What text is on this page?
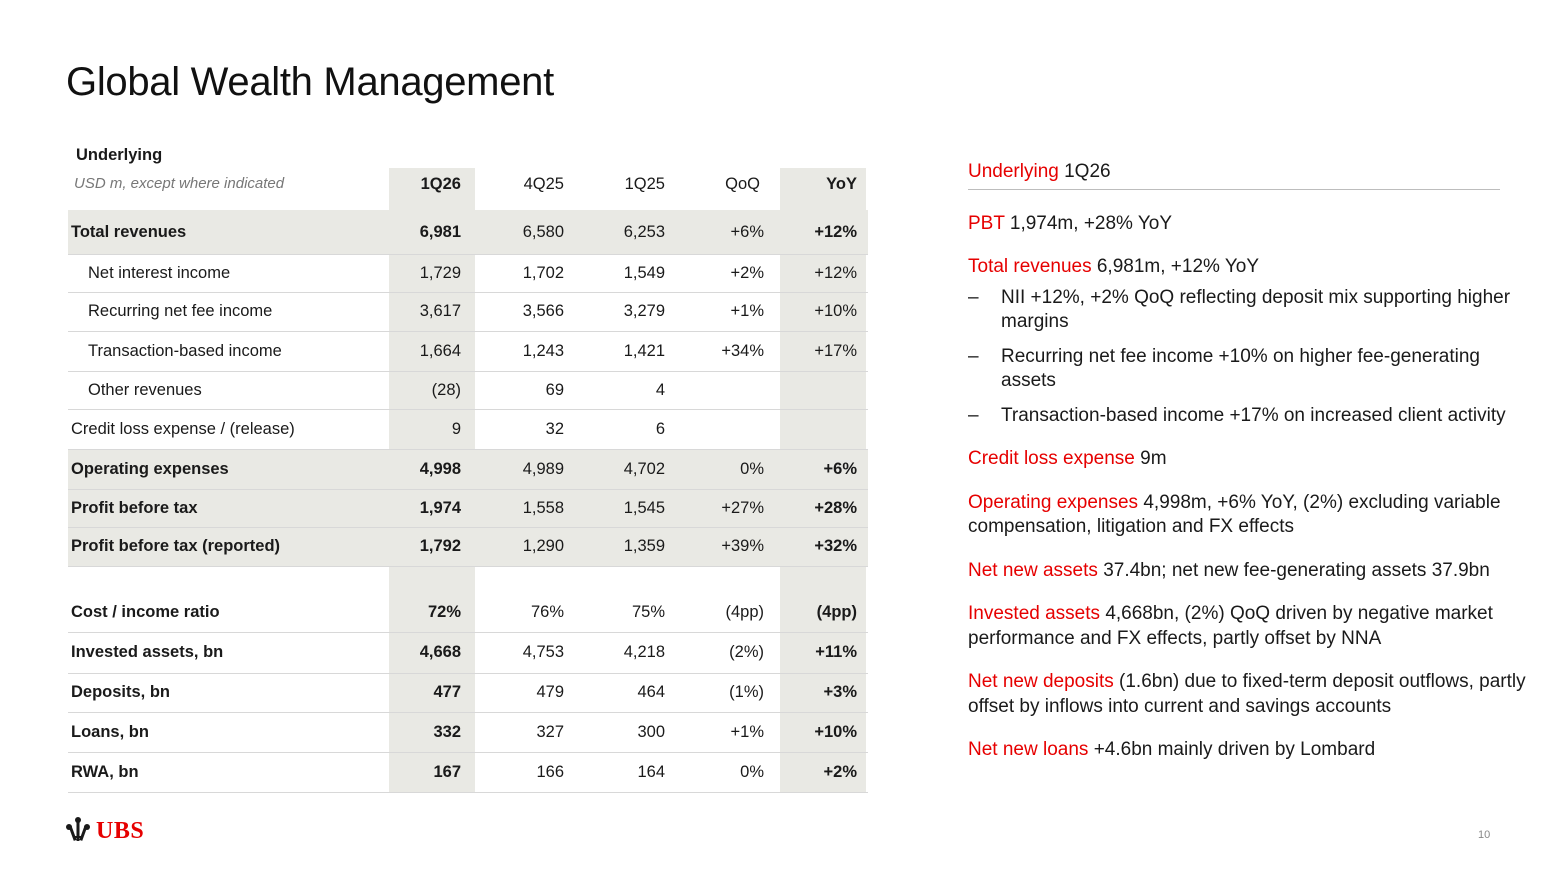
Global Wealth Management
Underlying
USD m, except where indicated	1Q26	4Q25	1Q25	QoQ	YoY
Total revenues	6,981	6,580	6,253	+6%	+12%
Net interest income	1,729	1,702	1,549	+2%	+12%
Recurring net fee income	3,617	3,566	3,279	+1%	+10%
Transaction-based income	1,664	1,243	1,421	+34%	+17%
Other revenues	(28)	69	4
Credit loss expense / (release)	9	32	6
Operating expenses	4,998	4,989	4,702	0%	+6%
Profit before tax	1,974	1,558	1,545	+27%	+28%
Profit before tax (reported)	1,792	1,290	1,359	+39%	+32%
Cost / income ratio	72%	76%	75%	(4pp)	(4pp)
Invested assets, bn	4,668	4,753	4,218	(2%)	+11%
Deposits, bn	477	479	464	(1%)	+3%
Loans, bn	332	327	300	+1%	+10%
RWA, bn	167	166	164	0%	+2%
Underlying 1Q26
PBT 1,974m, +28% YoY
Total revenues 6,981m, +12% YoY
–	NII +12%, +2% QoQ reflecting deposit mix supporting higher margins
–	Recurring net fee income +10% on higher fee-generating assets
–	Transaction-based income +17% on increased client activity
Credit loss expense 9m
Operating expenses 4,998m, +6% YoY, (2%) excluding variable compensation, litigation and FX effects
Net new assets 37.4bn; net new fee-generating assets 37.9bn
Invested assets 4,668bn, (2%) QoQ driven by negative market performance and FX effects, partly offset by NNA
Net new deposits (1.6bn) due to fixed-term deposit outflows, partly offset by inflows into current and savings accounts
Net new loans +4.6bn mainly driven by Lombard
UBS	10
